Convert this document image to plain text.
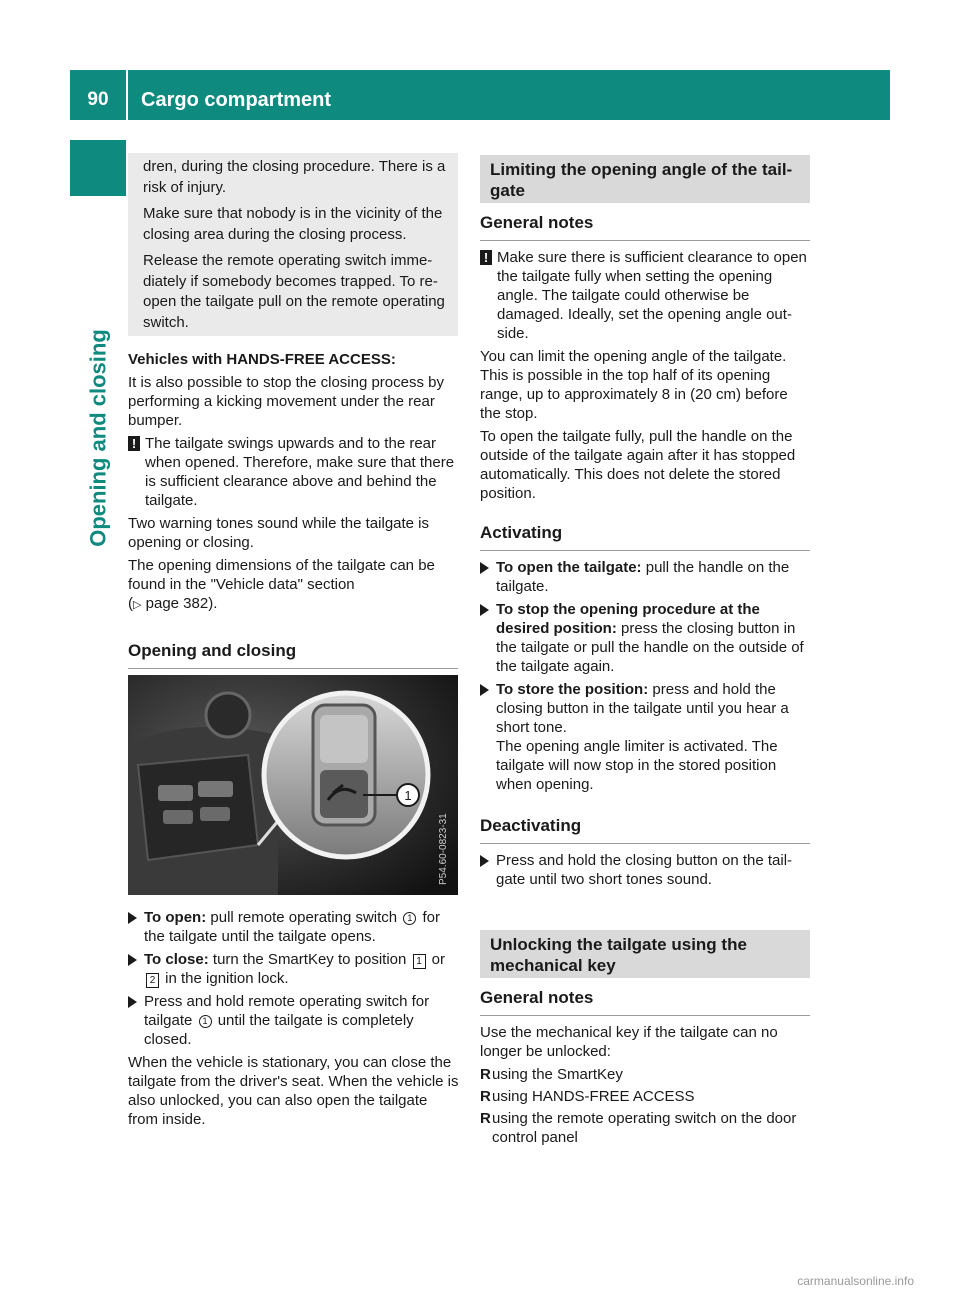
90	Cargo compartment
Opening and closing

dren, during the closing procedure. There is a risk of injury.

Make sure that nobody is in the vicinity of the closing area during the closing process.

Release the remote operating switch immediately if somebody becomes trapped. To reopen the tailgate pull on the remote operating switch.

Vehicles with HANDS-FREE ACCESS:

It is also possible to stop the closing process by performing a kicking movement under the rear bumper.

! The tailgate swings upwards and to the rear when opened. Therefore, make sure that there is sufficient clearance above and behind the tailgate.

Two warning tones sound while the tailgate is opening or closing.

The opening dimensions of the tailgate can be found in the "Vehicle data" section
(▷ page 382).

Opening and closing
1
P54.60-0823-31
To open: pull remote operating switch 1 for the tailgate until the tailgate opens.
To close: turn the SmartKey to position 1 or 2 in the ignition lock.
Press and hold remote operating switch for tailgate 1 until the tailgate is completely closed.

When the vehicle is stationary, you can close the tailgate from the driver's seat. When the vehicle is also unlocked, you can also open the tailgate from inside.

Limiting the opening angle of the tailgate
General notes
! Make sure there is sufficient clearance to open the tailgate fully when setting the opening angle. The tailgate could otherwise be damaged. Ideally, set the opening angle outside.

You can limit the opening angle of the tailgate. This is possible in the top half of its opening range, up to approximately 8 in (20 cm) before the stop.

To open the tailgate fully, pull the handle on the outside of the tailgate again after it has stopped automatically. This does not delete the stored position.

Activating
To open the tailgate: pull the handle on the tailgate.
To stop the opening procedure at the desired position: press the closing button in the tailgate or pull the handle on the outside of the tailgate again.
To store the position: press and hold the closing button in the tailgate until you hear a short tone.
The opening angle limiter is activated. The tailgate will now stop in the stored position when opening.
Deactivating
Press and hold the closing button on the tailgate until two short tones sound.
Unlocking the tailgate using the mechanical key
General notes

Use the mechanical key if the tailgate can no longer be unlocked:

R using the SmartKey
R using HANDS-FREE ACCESS
R using the remote operating switch on the door control panel
carmanualsonline.info
